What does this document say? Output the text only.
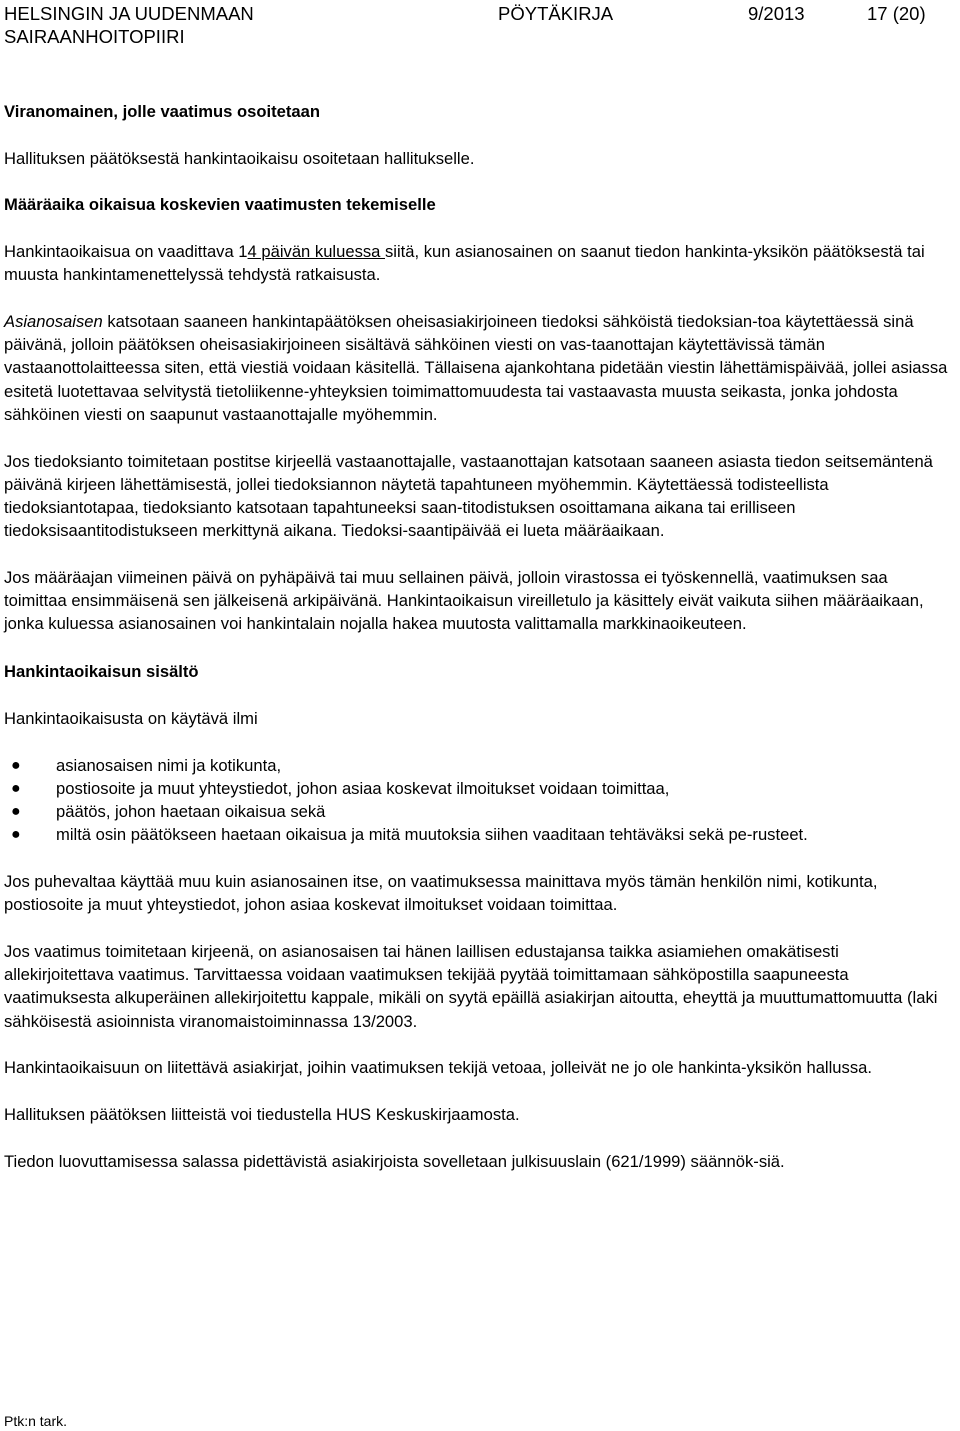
HELSINGIN JA UUDENMAAN
SAIRAANHOITOPIIRI
PÖYTÄKIRJA	9/2013	17 (20)
Viranomainen, jolle vaatimus osoitetaan

Hallituksen päätöksestä hankintaoikaisu osoitetaan hallitukselle.

Määräaika oikaisua koskevien vaatimusten tekemiselle

Hankintaoikaisua on vaadittava 14 päivän kuluessa siitä, kun asianosainen on saanut tiedon hankinta-yksikön päätöksestä tai muusta hankintamenettelyssä tehdystä ratkaisusta.

Asianosaisen katsotaan saaneen hankintapäätöksen oheisasiakirjoineen tiedoksi sähköistä tiedoksian-toa käytettäessä sinä päivänä, jolloin päätöksen oheisasiakirjoineen sisältävä sähköinen viesti on vas-taanottajan käytettävissä tämän vastaanottolaitteessa siten, että viestiä voidaan käsitellä. Tällaisena ajankohtana pidetään viestin lähettämispäivää, jollei asiassa esitetä luotettavaa selvitystä tietoliikenne-yhteyksien toimimattomuudesta tai vastaavasta muusta seikasta, jonka johdosta sähköinen viesti on saapunut vastaanottajalle myöhemmin.

Jos tiedoksianto toimitetaan postitse kirjeellä vastaanottajalle, vastaanottajan katsotaan saaneen asiasta tiedon seitsemäntenä päivänä kirjeen lähettämisestä, jollei tiedoksiannon näytetä tapahtuneen myöhemmin. Käytettäessä todisteellista tiedoksiantotapaa, tiedoksianto katsotaan tapahtuneeksi saan-titodistuksen osoittamana aikana tai erilliseen tiedoksisaantitodistukseen merkittynä aikana. Tiedoksi-saantipäivää ei lueta määräaikaan.

Jos määräajan viimeinen päivä on pyhäpäivä tai muu sellainen päivä, jolloin virastossa ei työskennellä, vaatimuksen saa toimittaa ensimmäisenä sen jälkeisenä arkipäivänä. Hankintaoikaisun vireilletulo ja käsittely eivät vaikuta siihen määräaikaan, jonka kuluessa asianosainen voi hankintalain nojalla hakea muutosta valittamalla markkinaoikeuteen.

Hankintaoikaisun sisältö

Hankintaoikaisusta on käytävä ilmi

● asianosaisen nimi ja kotikunta,
● postiosoite ja muut yhteystiedot, johon asiaa koskevat ilmoitukset voidaan toimittaa,
● päätös, johon haetaan oikaisua sekä
● miltä osin päätökseen haetaan oikaisua ja mitä muutoksia siihen vaaditaan tehtäväksi sekä pe-rusteet.

Jos puhevaltaa käyttää muu kuin asianosainen itse, on vaatimuksessa mainittava myös tämän henkilön nimi, kotikunta, postiosoite ja muut yhteystiedot, johon asiaa koskevat ilmoitukset voidaan toimittaa.

Jos vaatimus toimitetaan kirjeenä, on asianosaisen tai hänen laillisen edustajansa taikka asiamiehen omakätisesti allekirjoitettava vaatimus. Tarvittaessa voidaan vaatimuksen tekijää pyytää toimittamaan sähköpostilla saapuneesta vaatimuksesta alkuperäinen allekirjoitettu kappale, mikäli on syytä epäillä asiakirjan aitoutta, eheyttä ja muuttumattomuutta (laki sähköisestä asioinnista viranomaistoiminnassa 13/2003.

Hankintaoikaisuun on liitettävä asiakirjat, joihin vaatimuksen tekijä vetoaa, jolleivät ne jo ole hankinta-yksikön hallussa.

Hallituksen päätöksen liitteistä voi tiedustella HUS Keskuskirjaamosta.

Tiedon luovuttamisessa salassa pidettävistä asiakirjoista sovelletaan julkisuuslain (621/1999) säännök-siä.

Ptk:n tark.
